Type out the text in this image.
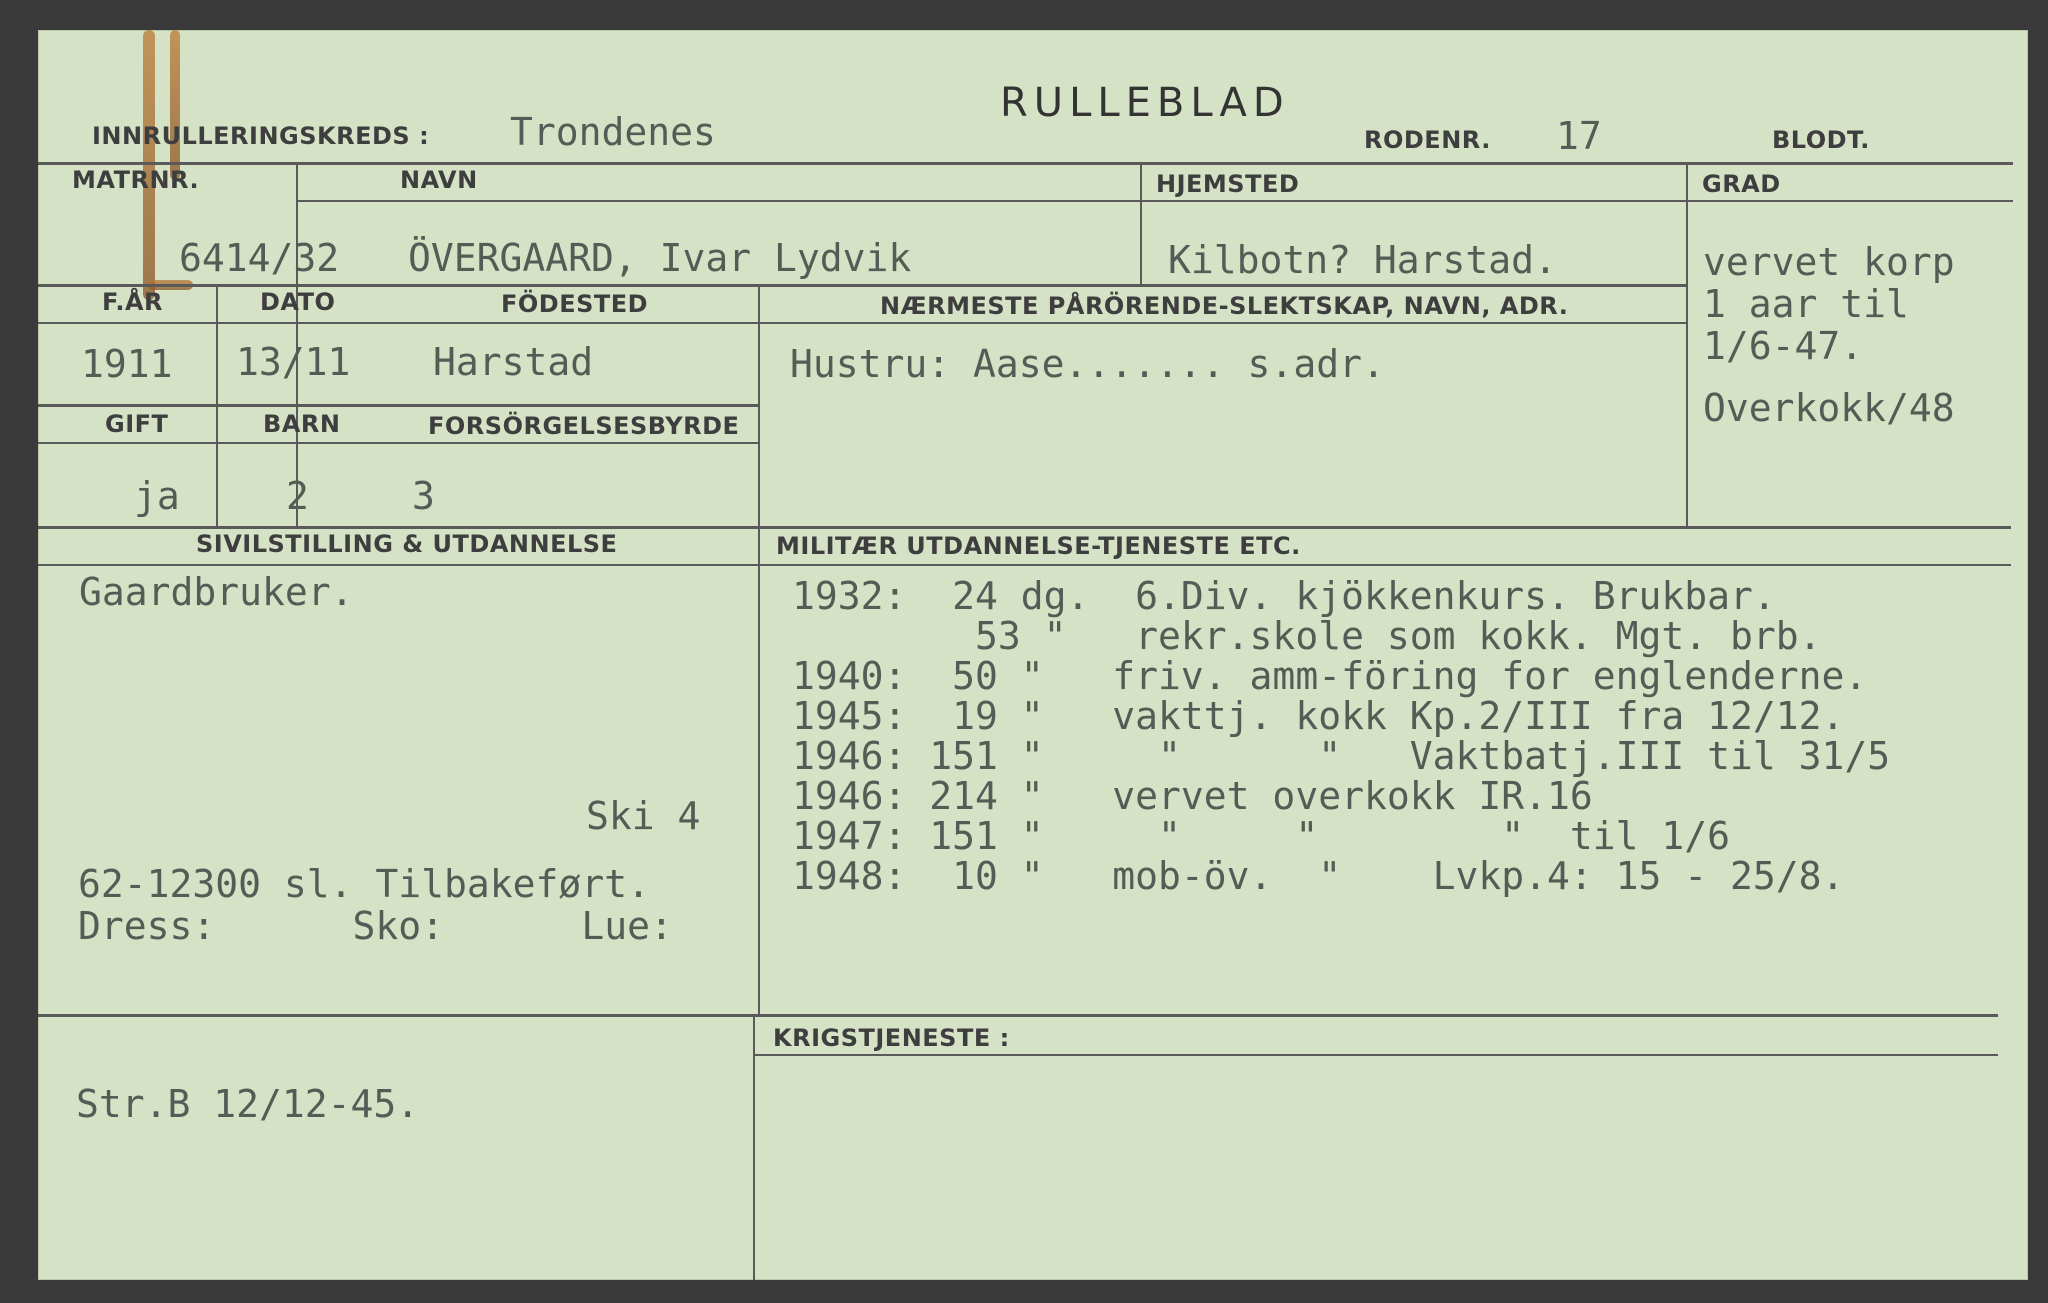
RULLEBLAD
INNRULLERINGSKREDS : Trondenes	RODENR. 17	BLODT.
MATRNR.	NAVN	HJEMSTED	GRAD
6414/32 ÖVERGAARD, Ivar Lydvik	Kilbotn? Harstad.	vervet korp
1 aar til
1/6-47.
Overkokk/48
F.ÅR	DATO	FÖDESTED	NÆRMESTE PÅRÖRENDE-SLEKTSKAP, NAVN, ADR.
1911 13/11 Harstad	Hustru: Aase....... s.adr.
GIFT	BARN	FORSÖRGELSESBYRDE
ja	2	3
SIVILSTILLING & UTDANNELSE	MILITÆR UTDANNELSE-TJENESTE ETC.
Gaardbruker.
Ski 4
62-12300 sl. Tilbakeført.
Dress:      Sko:      Lue:
1932:  24 dg.  6.Div. kjökkenkurs. Brukbar.
53 "   rekr.skole som kokk. Mgt. brb.
1940:  50 "   friv. amm-föring for englenderne.
1945:  19 "   vakttj. kokk Kp.2/III fra 12/12.
1946: 151 "     "      "   Vaktbatj.III til 31/5
1946: 214 "   vervet overkokk IR.16
1947: 151 "     "     "        "  til 1/6
1948:  10 "   mob-öv.  "    Lvkp.4: 15 - 25/8.
KRIGSTJENESTE :
Str.B 12/12-45.
